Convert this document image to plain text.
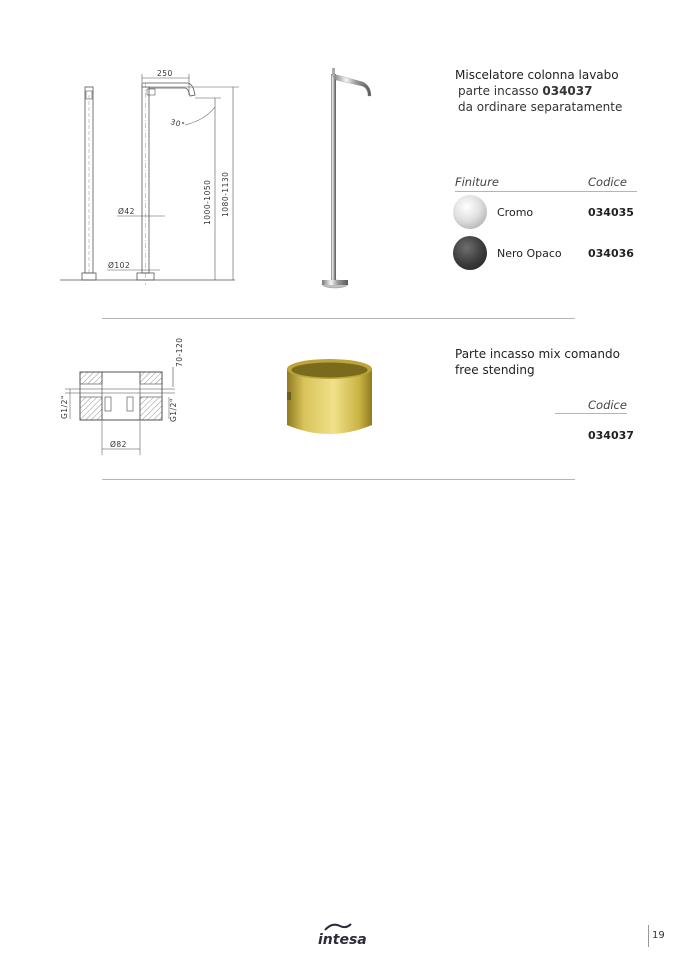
250
30°
1000-1050 1080-1130
Ø42
Ø102
Miscelatore colonna lavabo
parte incasso 034037
da ordinare separatamente
Finiture	Codice
Cromo	034035
Nero Opaco 034036
70-120
G1/2"	G1/2"
Ø82
Parte incasso mix comando
free stending
Codice
034037
intesa	19
